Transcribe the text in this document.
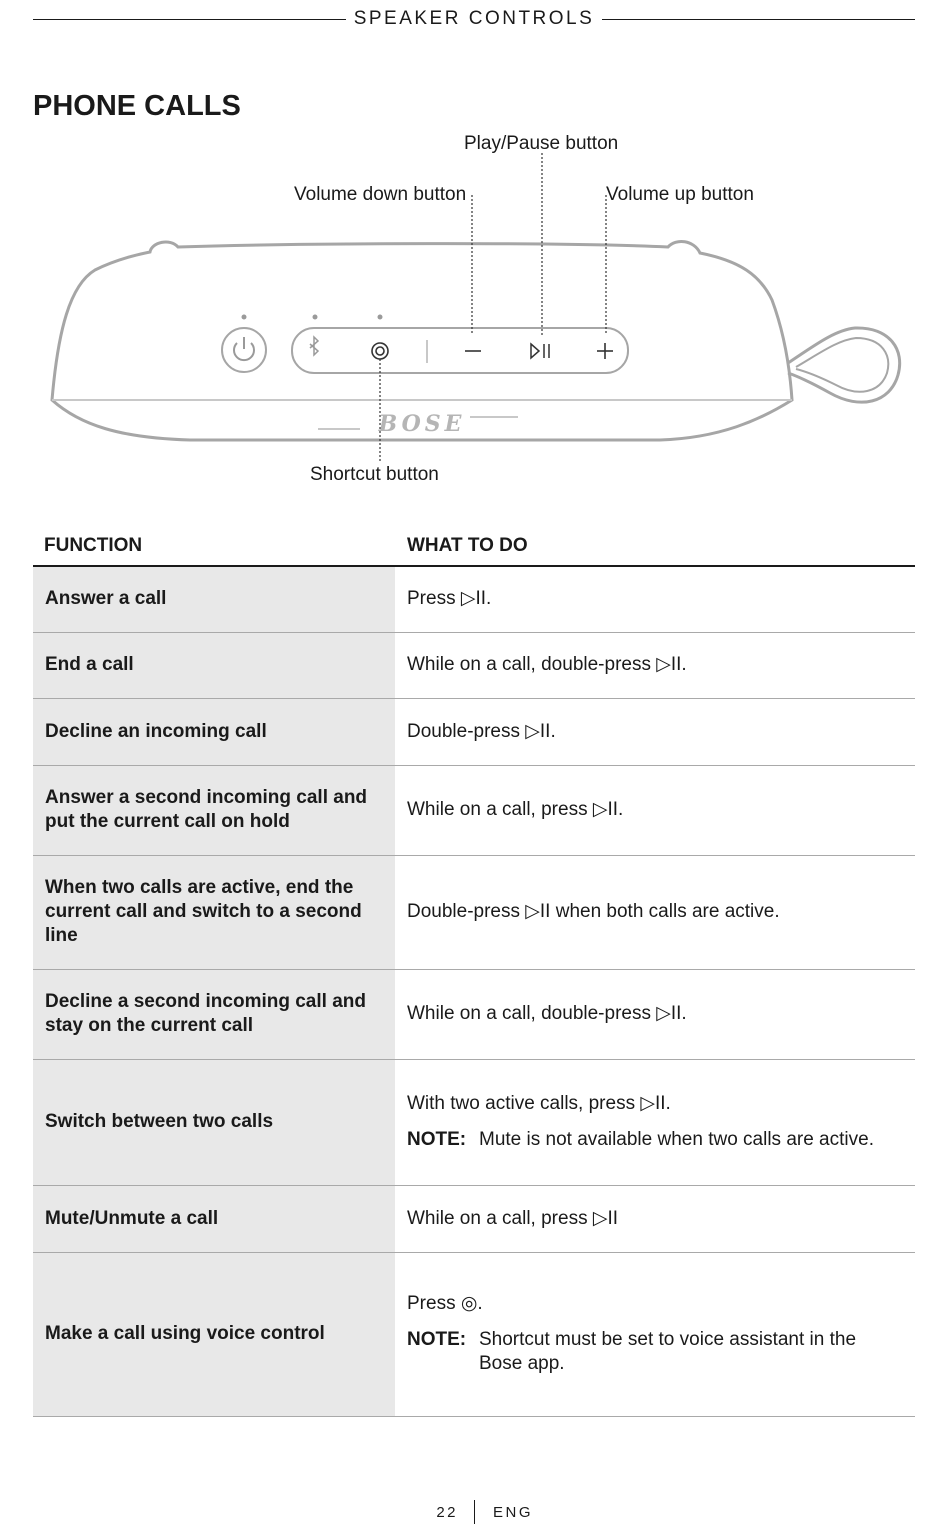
SPEAKER CONTROLS
PHONE CALLS
BOSE
Play/Pause button
Volume down button	Volume up button
Shortcut button
FUNCTION	WHAT TO DO
Answer a call	Press ▷II.
End a call	While on a call, double-press ▷II.
Decline an incoming call	Double-press ▷II.
Answer a second incoming call and put the current call on hold	While on a call, press ▷II.
When two calls are active, end the current call and switch to a second line	Double-press ▷II when both calls are active.
Decline a second incoming call and stay on the current call	While on a call, double-press ▷II.
Switch between two calls	With two active calls, press ▷II.
NOTE: Mute is not available when two calls are active.

Mute/Unmute a call	While on a call, press ▷II
Make a call using voice control	Press ◎.
NOTE: Shortcut must be set to voice assistant in the Bose app.
22 ENG
